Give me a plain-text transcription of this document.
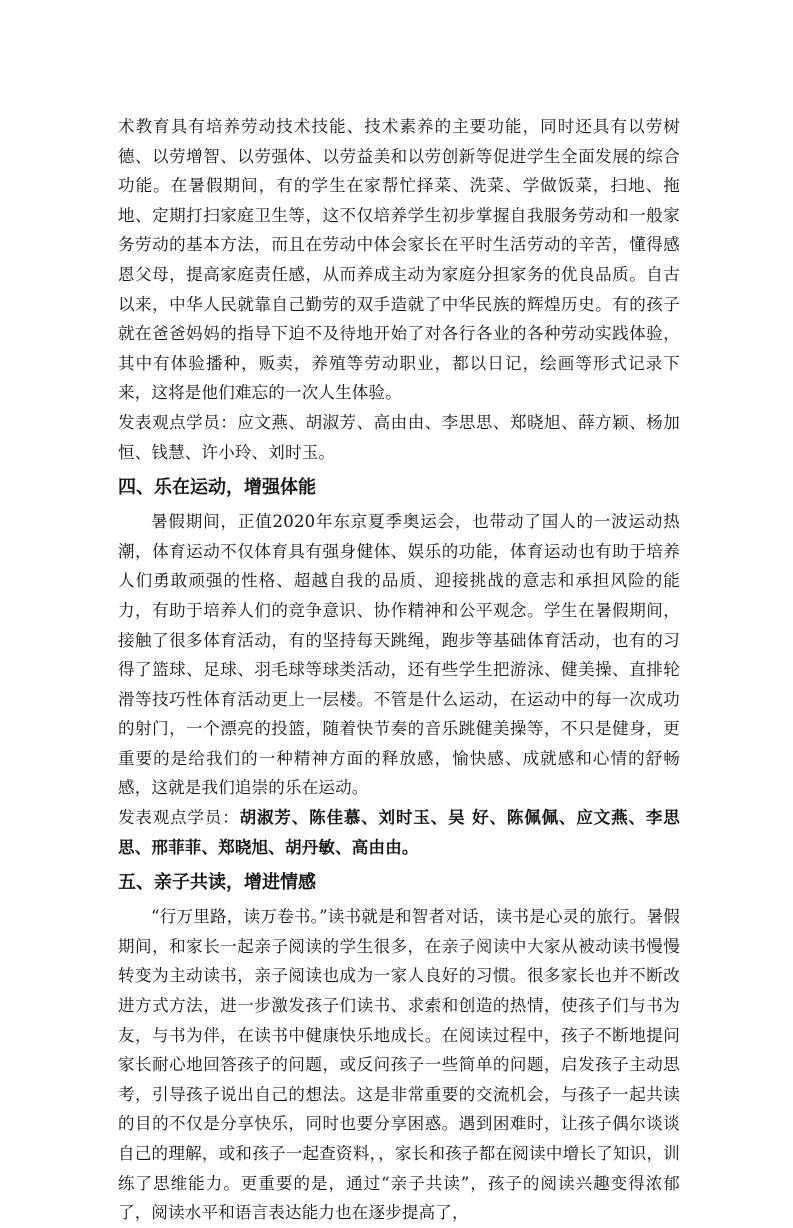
术教育具有培养劳动技术技能、技术素养的主要功能，同时还具有以劳树德、以劳增智、以劳强体、以劳益美和以劳创新等促进学生全面发展的综合功能。在暑假期间，有的学生在家帮忙择菜、洗菜、学做饭菜，扫地、拖地、定期打扫家庭卫生等，这不仅培养学生初步掌握自我服务劳动和一般家务劳动的基本方法，而且在劳动中体会家长在平时生活劳动的辛苦，懂得感恩父母，提高家庭责任感，从而养成主动为家庭分担家务的优良品质。自古以来，中华人民就靠自己勤劳的双手造就了中华民族的辉煌历史。有的孩子就在爸爸妈妈的指导下迫不及待地开始了对各行各业的各种劳动实践体验，其中有体验播种，贩卖，养殖等劳动职业，都以日记，绘画等形式记录下来，这将是他们难忘的一次人生体验。

发表观点学员：应文燕、胡淑芳、高由由、李思思、郑晓旭、薛方颖、杨加恒、钱慧、许小玲、刘时玉。

四、乐在运动，增强体能

暑假期间，正值2020年东京夏季奥运会，也带动了国人的一波运动热潮，体育运动不仅体育具有强身健体、娱乐的功能，体育运动也有助于培养人们勇敢顽强的性格、超越自我的品质、迎接挑战的意志和承担风险的能力，有助于培养人们的竞争意识、协作精神和公平观念。学生在暑假期间，接触了很多体育活动，有的坚持每天跳绳，跑步等基础体育活动，也有的习得了篮球、足球、羽毛球等球类活动，还有些学生把游泳、健美操、直排轮滑等技巧性体育活动更上一层楼。不管是什么运动，在运动中的每一次成功的射门，一个漂亮的投篮，随着快节奏的音乐跳健美操等，不只是健身，更重要的是给我们的一种精神方面的释放感，愉快感、成就感和心情的舒畅感，这就是我们追崇的乐在运动。

发表观点学员：胡淑芳、陈佳慕、刘时玉、吴 好、陈佩佩、应文燕、李思思、邢菲菲、郑晓旭、胡丹敏、高由由。

五、亲子共读，增进情感

“行万里路，读万卷书。”读书就是和智者对话，读书是心灵的旅行。暑假期间，和家长一起亲子阅读的学生很多，在亲子阅读中大家从被动读书慢慢转变为主动读书，亲子阅读也成为一家人良好的习惯。很多家长也并不断改进方式方法，进一步激发孩子们读书、求索和创造的热情，使孩子们与书为友，与书为伴，在读书中健康快乐地成长。在阅读过程中，孩子不断地提问家长耐心地回答孩子的问题，或反问孩子一些简单的问题，启发孩子主动思考，引导孩子说出自己的想法。这是非常重要的交流机会，与孩子一起共读的目的不仅是分享快乐，同时也要分享困惑。遇到困难时，让孩子偶尔谈谈自己的理解，或和孩子一起查资料，，家长和孩子都在阅读中增长了知识，训练了思维能力。更重要的是，通过“亲子共读”，孩子的阅读兴趣变得浓郁了，阅读水平和语言表达能力也在逐步提高了，
